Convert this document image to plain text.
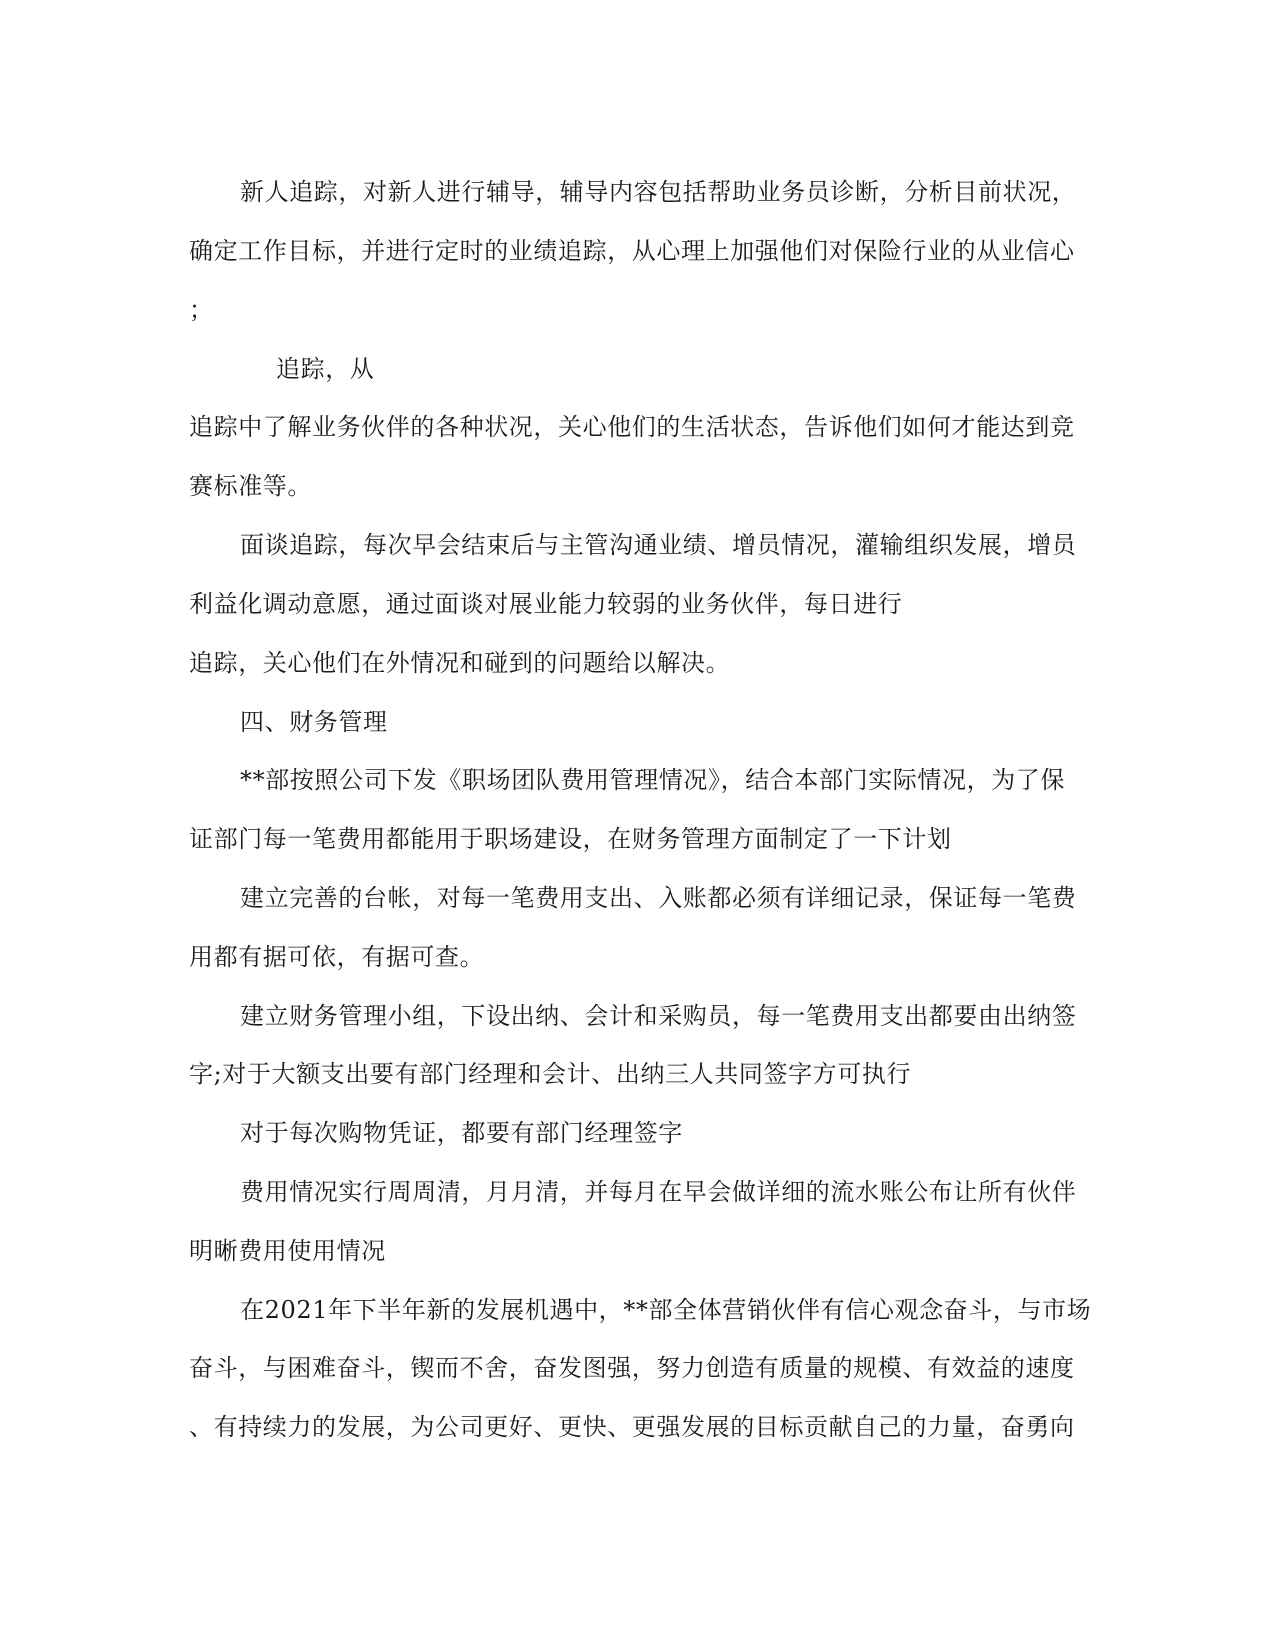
新人追踪，对新人进行辅导，辅导内容包括帮助业务员诊断，分析目前状况，
确定工作目标，并进行定时的业绩追踪，从心理上加强他们对保险行业的从业信心
；
追踪，从
追踪中了解业务伙伴的各种状况，关心他们的生活状态，告诉他们如何才能达到竞
赛标准等。
面谈追踪，每次早会结束后与主管沟通业绩、增员情况，灌输组织发展，增员
利益化调动意愿，通过面谈对展业能力较弱的业务伙伴，每日进行
追踪，关心他们在外情况和碰到的问题给以解决。
四、财务管理
**部按照公司下发《职场团队费用管理情况》，结合本部门实际情况，为了保
证部门每一笔费用都能用于职场建设，在财务管理方面制定了一下计划
建立完善的台帐，对每一笔费用支出、入账都必须有详细记录，保证每一笔费
用都有据可依，有据可查。
建立财务管理小组，下设出纳、会计和采购员，每一笔费用支出都要由出纳签
字;对于大额支出要有部门经理和会计、出纳三人共同签字方可执行
对于每次购物凭证，都要有部门经理签字
费用情况实行周周清，月月清，并每月在早会做详细的流水账公布让所有伙伴
明晰费用使用情况
在2021年下半年新的发展机遇中，**部全体营销伙伴有信心观念奋斗，与市场
奋斗，与困难奋斗，锲而不舍，奋发图强，努力创造有质量的规模、有效益的速度
、有持续力的发展，为公司更好、更快、更强发展的目标贡献自己的力量，奋勇向
